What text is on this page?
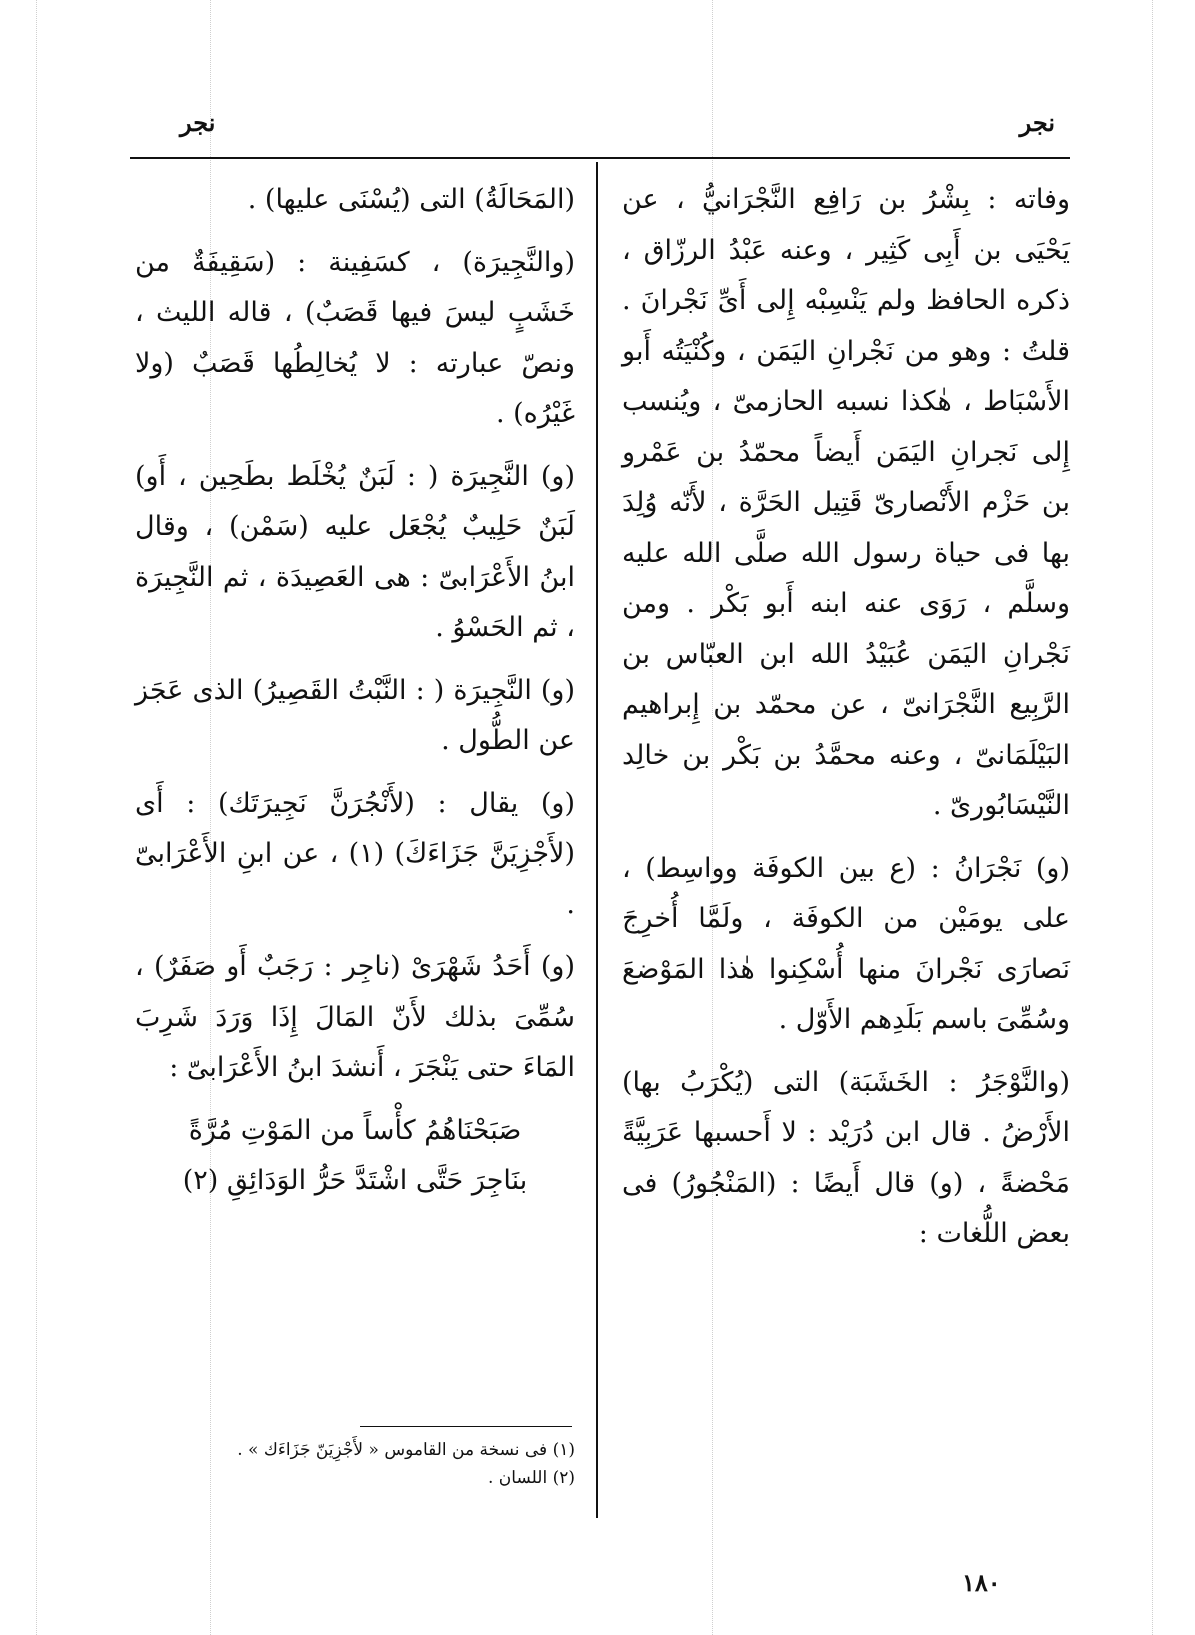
نجر
نجر

وفاته : بِشْرُ بن رَافِع النَّجْرَانيُّ ، عن يَحْيَى بن أَبِى كَثِير ، وعنه عَبْدُ الرزّاق ، ذكره الحافظ ولم يَنْسِبْه إِلى أَىِّ نَجْرانَ . قلتُ : وهو من نَجْرانِ اليَمَن ، وكُنْيَتُه أَبو الأَسْبَاط ، هٰكذا نسبه الحازمىّ ، ويُنسب إِلى نَجرانِ اليَمَن أَيضاً محمّدُ بن عَمْرو بن حَزْم الأَنْصارىّ قَتِيل الحَرَّة ، لأَنّه وُلِدَ بها فى حياة رسول الله صلَّى الله عليه وسلَّم ، رَوَى عنه ابنه أَبو بَكْر . ومن نَجْرانِ اليَمَن عُبَيْدُ الله ابن العبّاس بن الرَّبِيع النَّجْرَانىّ ، عن محمّد بن إِبراهيم البَيْلَمَانىّ ، وعنه محمَّدُ بن بَكْر بن خالِد النَّيْسَابُورىّ .

(و) نَجْرَانُ : (ع بين الكوفَة وواسِط) ، على يومَيْن من الكوفَة ، ولَمَّا أُخرِجَ نَصارَى نَجْرانَ منها أُسْكِنوا هٰذا المَوْضعَ وسُمِّىَ باسم بَلَدِهم الأَوّل .

(والنَّوْجَرُ : الخَشَبَة) التى (يُكْرَبُ بها) الأَرْضُ . قال ابن دُرَيْد : لا أَحسبها عَرَبِيَّةً مَحْضةً ، (و) قال أَيضًا : (المَنْجُورُ) فى بعض اللُّغات :

(المَحَالَةُ) التى (يُسْنَى عليها) .

(والنَّجِيرَة) ، كسَفِينة : (سَقِيفَةٌ من خَشَبٍ ليسَ فيها قَصَبٌ) ، قاله الليث ، ونصّ عبارته : لا يُخالِطُها قَصَبٌ (ولا غَيْرُه) .

(و) النَّجِيرَة ( : لَبَنٌ يُخْلَط بطَحِين ، أَو) لَبَنٌ حَلِيبٌ يُجْعَل عليه (سَمْن) ، وقال ابنُ الأَعْرَابىّ : هى العَصِيدَة ، ثم النَّجِيرَة ، ثم الحَسْوُ .

(و) النَّجِيرَة ( : النَّبْتُ القَصِيرُ) الذى عَجَز عن الطُّول .

(و) يقال : (لأَنْجُرَنَّ نَجِيرَتَك) : أَى (لأَجْزِيَنَّ جَزَاءَكَ) (١) ، عن ابنِ الأَعْرَابىّ .

(و) أَحَدُ شَهْرَىْ (ناجِر : رَجَبٌ أَو صَفَرٌ) ، سُمِّىَ بذلك لأَنّ المَالَ إِذَا وَرَدَ شَرِبَ المَاءَ حتى يَنْجَرَ ، أَنشدَ ابنُ الأَعْرَابىّ :

صَبَحْنَاهُمُ كأْساً من المَوْتِ مُرَّةً

بنَاجِرَ حَتَّى اشْتَدَّ حَرُّ الوَدَائِقِ (٢)

(١) فى نسخة من القاموس « لأَجْزِيَنّ جَزَاءَك » .

(٢) اللسان .

١٨٠
